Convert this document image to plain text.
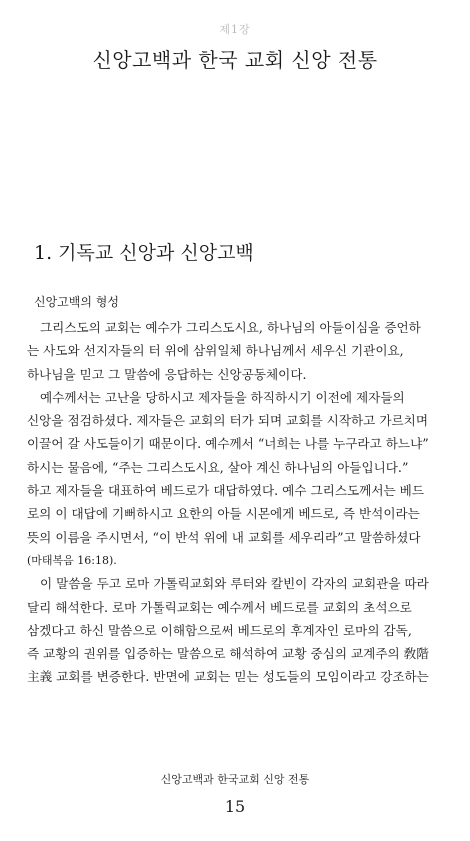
제1장
신앙고백과 한국 교회 신앙 전통
1. 기독교 신앙과 신앙고백
신앙고백의 형성
그리스도의 교회는 예수가 그리스도시요, 하나님의 아들이심을 증언하
는 사도와 선지자들의 터 위에 삼위일체 하나님께서 세우신 기관이요,
하나님을 믿고 그 말씀에 응답하는 신앙공동체이다.
예수께서는 고난을 당하시고 제자들을 하직하시기 이전에 제자들의
신앙을 점검하셨다. 제자들은 교회의 터가 되며 교회를 시작하고 가르치며
이끌어 갈 사도들이기 때문이다. 예수께서 “너희는 나를 누구라고 하느냐”
하시는 물음에, “주는 그리스도시요, 살아 계신 하나님의 아들입니다.”
하고 제자들을 대표하여 베드로가 대답하였다. 예수 그리스도께서는 베드
로의 이 대답에 기뻐하시고 요한의 아들 시몬에게 베드로, 즉 반석이라는
뜻의 이름을 주시면서, “이 반석 위에 내 교회를 세우리라”고 말씀하셨다
(마태복음 16:18).
이 말씀을 두고 로마 가톨릭교회와 루터와 칼빈이 각자의 교회관을 따라
달리 해석한다. 로마 가톨릭교회는 예수께서 베드로를 교회의 초석으로
삼겠다고 하신 말씀으로 이해함으로써 베드로의 후계자인 로마의 감독,
즉 교황의 권위를 입증하는 말씀으로 해석하여 교황 중심의 교계주의 敎階
主義 교회를 변증한다. 반면에 교회는 믿는 성도들의 모임이라고 강조하는
신앙고백과 한국교회 신앙 전통
15
